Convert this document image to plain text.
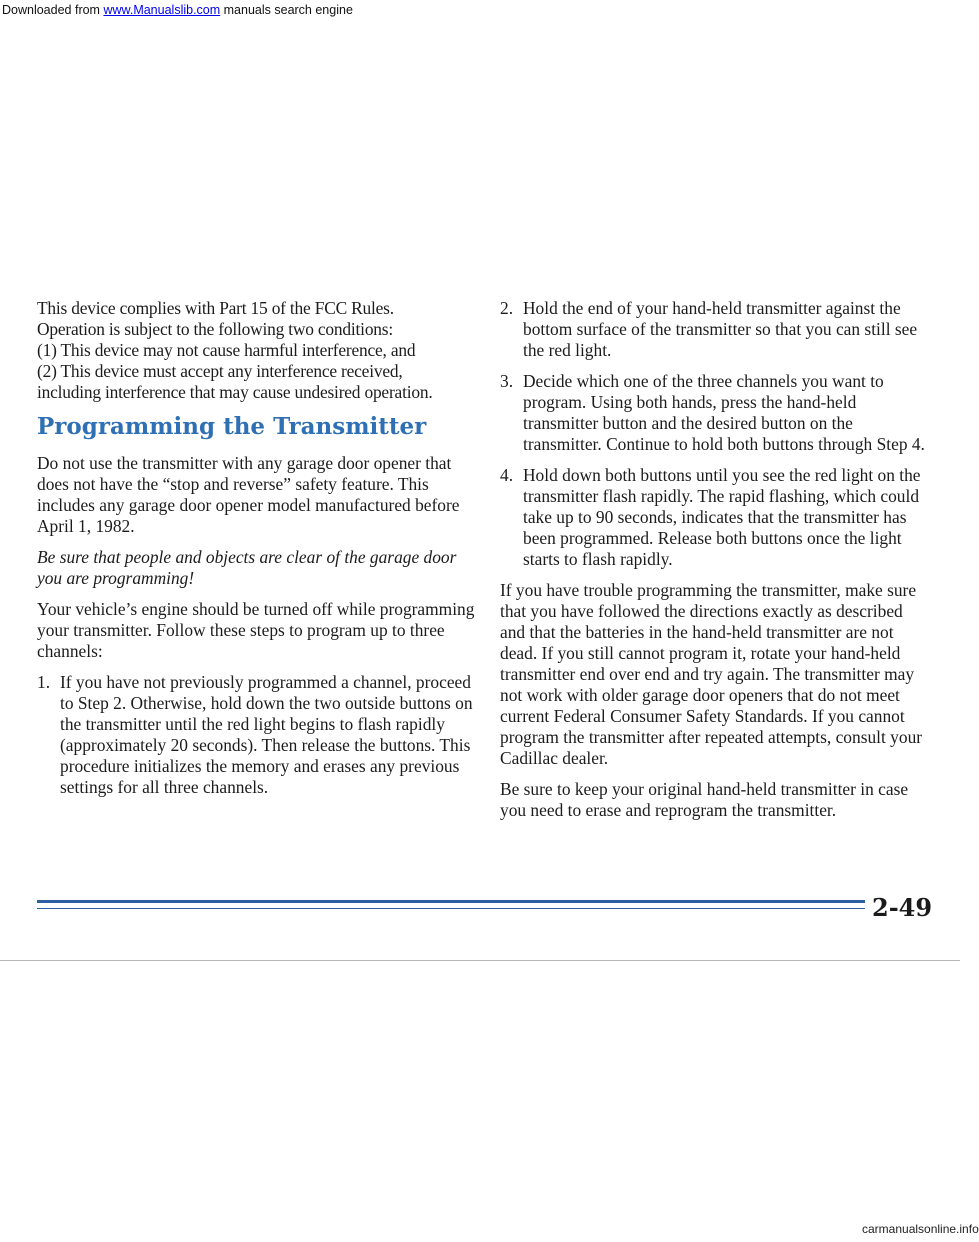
Downloaded from www.Manualslib.com manuals search engine

This device complies with Part 15 of the FCC Rules.
Operation is subject to the following two conditions:
(1) This device may not cause harmful interference, and
(2) This device must accept any interference received,
including interference that may cause undesired operation.

Programming the Transmitter

Do not use the transmitter with any garage door opener that does not have the “stop and reverse” safety feature. This includes any garage door opener model manufactured before April 1, 1982.

Be sure that people and objects are clear of the garage door you are programming!

Your vehicle’s engine should be turned off while programming your transmitter. Follow these steps to program up to three channels:

1. If you have not previously programmed a channel, proceed to Step 2. Otherwise, hold down the two outside buttons on the transmitter until the red light begins to flash rapidly (approximately 20 seconds). Then release the buttons. This procedure initializes the memory and erases any previous settings for all three channels.
2. Hold the end of your hand-held transmitter against the bottom surface of the transmitter so that you can still see the red light.
3. Decide which one of the three channels you want to program. Using both hands, press the hand-held transmitter button and the desired button on the transmitter. Continue to hold both buttons through Step 4.
4. Hold down both buttons until you see the red light on the transmitter flash rapidly. The rapid flashing, which could take up to 90 seconds, indicates that the transmitter has been programmed. Release both buttons once the light starts to flash rapidly.

If you have trouble programming the transmitter, make sure that you have followed the directions exactly as described and that the batteries in the hand-held transmitter are not dead. If you still cannot program it, rotate your hand-held transmitter end over end and try again. The transmitter may not work with older garage door openers that do not meet current Federal Consumer Safety Standards. If you cannot program the transmitter after repeated attempts, consult your Cadillac dealer.

Be sure to keep your original hand-held transmitter in case you need to erase and reprogram the transmitter.

2-49
carmanualsonline.info
